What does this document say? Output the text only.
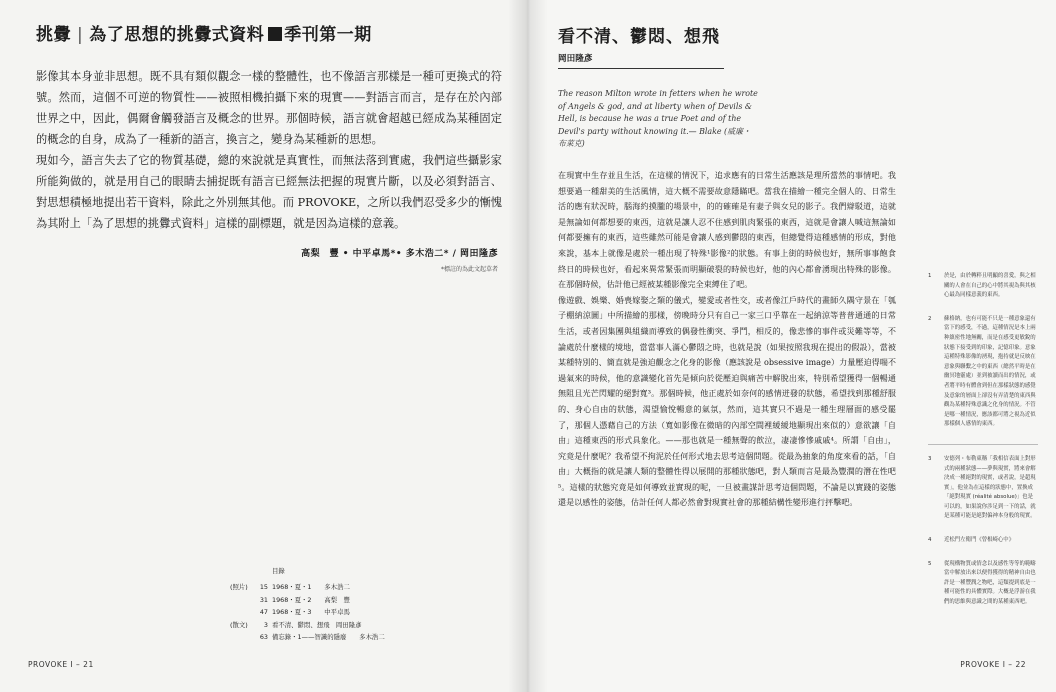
挑釁 | 為了思想的挑釁式資料 季刊第一期

影像其本身並非思想。既不具有類似觀念一樣的整體性，也不像語言那樣是一種可更換式的符號。然而，這個不可逆的物質性——被照相機拍攝下來的現實——對語言而言，是存在於內部世界之中，因此，偶爾會觸發語言及概念的世界。那個時候，語言就會超越已經成為某種固定的概念的自身，成為了一種新的語言，換言之，變身為某種新的思想。

現如今，語言失去了它的物質基礎，總的來說就是真實性，而無法落到實處，我們這些攝影家所能夠做的，就是用自己的眼睛去捕捉既有語言已經無法把握的現實片斷，以及必須對語言、對思想積極地提出若干資料，除此之外別無其他。而 PROVOKE，之所以我們忍受多少的慚愧為其附上「為了思想的挑釁式資料」這樣的副標題，就是因為這樣的意義。

高梨　豐 • 中平卓馬*• 多木浩二* / 岡田隆彥
*標註的為此文起草者
目錄
(照片)	15 1968・夏・1　　多木浩二
31 1968・夏・2　　高梨　豐
47 1968・夏・3　　中平卓馬
(散文)	3 看不清、鬱悶、想飛　岡田隆彥
63 備忘錄・1——智識的隱廢　　多木浩二
PROVOKE I – 21
看不清、鬱悶、想飛
岡田隆彥
The reason Milton wrote in fetters when he wrote of Angels & god, and at liberty when of Devils & Hell, is because he was a true Poet and of the Devil's party without knowing it.— Blake (威廉・布萊克)

在現實中生存並且生活，在這樣的情況下，追求應有的日常生活應該是理所當然的事情吧。我想要過一種甜美的生活風情，這大概不需要故意隱瞞吧。當我在描繪一種完全個人的、日常生活的應有狀況時，腦海約摸朧的場景中，的的確確是有妻子與女兒的影子。我們辯駁道，這就是無論如何都想要的東西，這就是讓人忍不住感到肌肉緊張的東西，這就是會讓人喊這無論如何都要擁有的東西，這些雖然可能是會讓人感到鬱悶的東西，但總覺得這種感情的形成，對他來說，基本上就像是處於一種出現了特殊¹影像²的狀態。有事上街的時候也好，無所事事飽食終日的時候也好，看起來異常緊張而明顯破裂的時候也好，他的內心都會湧現出特殊的影像。在那個時候，估計他已經被某種影像完全束縛住了吧。

像遊戲、娛樂、婚喪嫁娶之類的儀式，變愛或者性交，或者像江戶時代的畫師久隅守景在「瓠子棚納涼圖」中所描繪的那樣，傍晚時分只有自己一家三口乎靠在一起納涼等普普通通的日常生活，或者因集團與組織而導致的偶發性衝突、爭鬥，相反的，像悲慘的事件或災難等等，不論處於什麼樣的境地，當當事人滿心鬱悶之時，也就是說（如果按照我現在提出的假設），當被某種特別的、簡直就是強迫觀念之化身的影像（應該說是 obsessive image）力量壓迫得喘不過氣來的時候，他的意識變化首先是傾向於從壓迫與痛苦中解脫出來，特別希望獲得一個暢通無阻且光芒閃耀的絕對寬³。那個時候，他正處於如奈何的感情迸發的狀態，希望找到那種舒服的、身心自由的狀態，渴望愉悅暢意的氣氛，然而，這其實只不過是一種生理層面的感受罷了，那個人憑藉自己的方法（寬如影像在微暗的內部空間裡緩緩地顯現出來似的）意欲讓「自由」這種東西的形式具象化。——那也就是一種無聲的飲泣，凄凄慘慘戚戚⁴。所謂「自由」，究竟是什麼呢？我希望不拘泥於任何形式地去思考這個問題。從最為抽象的角度來看的話，「自由」大概指的就是讓人類的整體性得以展開的那種狀態吧，對人類而言是最為豐潤的潛在性吧⁵。這樣的狀態究竟是如何導致並實現的呢，一旦被畫謀計思考這個問題，不論是以實踐的姿態還是以感性的姿態，估計任何人都必然會對現實社會的那種結構性變形進行抨擊吧。

1	於是，由於轉粹且明顯的喜愛，與之相關的人會在自己的心中將其視為與其核心最為同樣意義的東西。
2	蘇格納，也有可能不只是一種意象還有當下的感受，不過，這種情況是本上兩种縝密性地無關，而是在感受更敏銳的狀態下接受到的印象，記憶印象。意象這種特殊影像的湧現，抱持就是反映在意象與聯繫之中的東西（總然平時是在幽冥地靈處）並到被讀而出的情況，或者將平時有體會到但在那樣狀態的感覺及意象的層面上卻沒有弄清楚的東西與觀為某種特殊意識之化身的情況。不管是哪一種情況，應該都可將之視為近似那樣個人感情的東西。
3	安德列・布勒東稱「我相信表面上對形式的兩種狀態——夢與現實，將來會解決成一種絕對的現實，或者說，是超現實」，他並為在這樣的狀態中，置換成「絕對現實 (réalité absolue)」也是可以的，如果說你涉足到一下的話，就是某種可能是絕對偏神本身般的現實。
4	近松門左衛門《曾根崎心中》
5	從現構物質或情念以及感性等等的範疇當中解放出來以便得獲得的精神自由也許是一種豐潤之物吧，這類提到底是一種可能性的具體實際。大概是浮游在我們的思維與意識之間的某種東西吧。
PROVOKE I – 22
